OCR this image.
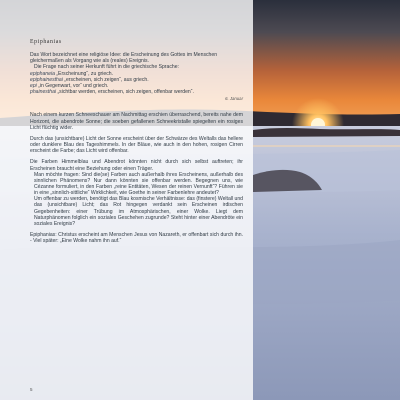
Epiphanias

Das Wort bezeichnet eine religiöse Idee: die Erscheinung des Gottes im Menschen gleichermaßen als Vorgang wie als (reales) Ereignis.

Die Frage nach seiner Herkunft führt in die griechische Sprache:

epiphaneia „Erscheinung“, zu griech.

epiphainesthai „erscheinen, sich zeigen“, aus griech.

epi „in Gegenwart, vor“ und griech.

phainesthai „sichtbar werden, erscheinen, sich zeigen, offenbar werden“.

6. Januar

Nach einem kurzen Schneeschauer am Nachmittag erschien überraschend, bereits nahe dem Horizont, die abendrote Sonne; die soeben gefallenen Schneekristalle spiegelten ein rosiges Licht flüchtig wider.

Durch das (unsichtbare) Licht der Sonne erscheint über der Schwärze des Weltalls das hellere oder dunklere Blau des Tageshimmels. In der Bläue, wie auch in den hohen, rosigen Cirren erscheint die Farbe; das Licht wird offenbar.

Die Farben Himmelblau und Abendrot könnten nicht durch sich selbst auftreten; ihr Erscheinen braucht eine Beziehung oder einen Träger.

Man möchte fragen: Sind die(se) Farben auch außerhalb ihres Erscheinens, außerhalb des sinnlichen Phänomens? Nur dann könnten sie offenbar werden. Begegnen uns, wie Cézanne formuliert, in den Farben „reine Entitäten, Wesen der reinen Vernunft“? Führen sie in eine „sinnlich-sittliche“ Wirklichkeit, wie Goethe in seiner Farbenlehre andeutet?

Um offenbar zu werden, benötigt das Blau kosmische Verhältnisse: das (finstere) Weltall und das (unsichtbare) Licht; das Rot hingegen verdankt sein Erscheinen irdischen Gegebenheiten: einer Trübung im Atmosphärischen, einer Wolke. Liegt dem Naturphänomen folglich ein soziales Geschehen zugrunde? Steht hinter einer Abendröte ein soziales Ereignis?

Epiphanias: Christus erscheint am Menschen Jesus von Nazareth, er offenbart sich durch ihn. - Viel später: „Eine Wolke nahm ihn auf.“

5
